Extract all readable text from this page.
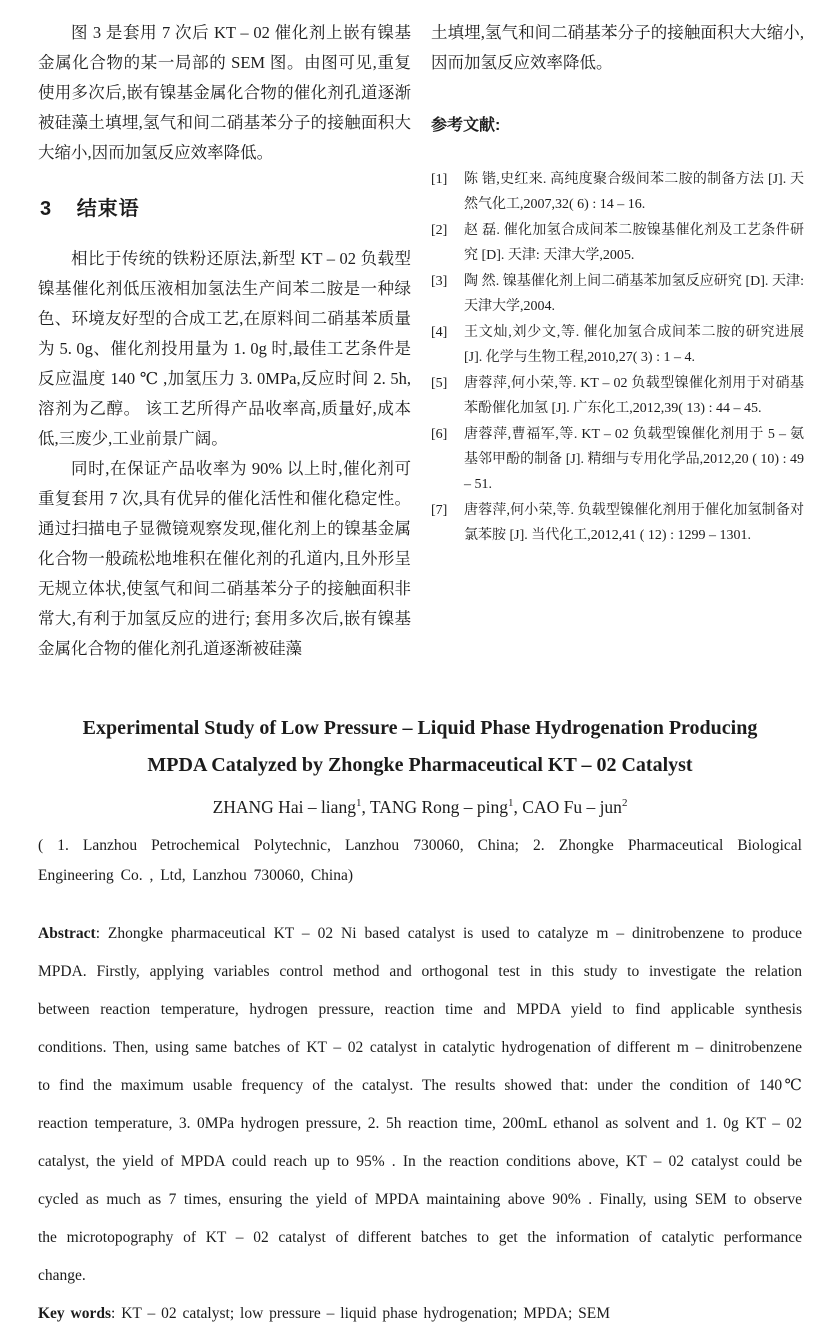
图 3 是套用 7 次后 KT – 02 催化剂上嵌有镍基金属化合物的某一局部的 SEM 图。由图可见,重复使用多次后,嵌有镍基金属化合物的催化剂孔道逐渐被硅藻土填埋,氢气和间二硝基苯分子的接触面积大大缩小,因而加氢反应效率降低。

3 结束语

相比于传统的铁粉还原法,新型 KT – 02 负载型镍基催化剂低压液相加氢法生产间苯二胺是一种绿色、环境友好型的合成工艺,在原料间二硝基苯质量为 5. 0g、催化剂投用量为 1. 0g 时,最佳工艺条件是反应温度 140 ℃ ,加氢压力 3. 0MPa,反应时间 2. 5h,溶剂为乙醇。 该工艺所得产品收率高,质量好,成本低,三废少,工业前景广阔。

同时,在保证产品收率为 90% 以上时,催化剂可重复套用 7 次,具有优异的催化活性和催化稳定性。 通过扫描电子显微镜观察发现,催化剂上的镍基金属化合物一般疏松地堆积在催化剂的孔道内,且外形呈无规立体状,使氢气和间二硝基苯分子的接触面积非常大,有利于加氢反应的进行; 套用多次后,嵌有镍基金属化合物的催化剂孔道逐渐被硅藻

土填埋,氢气和间二硝基苯分子的接触面积大大缩小,因而加氢反应效率降低。

参考文献:
[1]	陈 锴,史红来. 高纯度聚合级间苯二胺的制备方法 [J]. 天然气化工,2007,32( 6) : 14 – 16.
[2]	赵 磊. 催化加氢合成间苯二胺镍基催化剂及工艺条件研究 [D]. 天津: 天津大学,2005.
[3]	陶 然. 镍基催化剂上间二硝基苯加氢反应研究 [D]. 天津: 天津大学,2004.
[4]	王文灿,刘少文,等. 催化加氢合成间苯二胺的研究进展 [J]. 化学与生物工程,2010,27( 3) : 1 – 4.
[5]	唐蓉萍,何小荣,等. KT – 02 负载型镍催化剂用于对硝基苯酚催化加氢 [J]. 广东化工,2012,39( 13) : 44 – 45.
[6]	唐蓉萍,曹福军,等. KT – 02 负载型镍催化剂用于 5 – 氨基邻甲酚的制备 [J]. 精细与专用化学品,2012,20 ( 10) : 49 – 51.
[7]	唐蓉萍,何小荣,等. 负载型镍催化剂用于催化加氢制备对氯苯胺 [J]. 当代化工,2012,41 ( 12) : 1299 – 1301.
Experimental Study of Low Pressure – Liquid Phase Hydrogenation Producing
MPDA Catalyzed by Zhongke Pharmaceutical KT – 02 Catalyst
ZHANG Hai – liang$^1$, TANG Rong – ping$^1$, CAO Fu – jun$^2$

( 1. Lanzhou Petrochemical Polytechnic, Lanzhou 730060, China; 2. Zhongke Pharmaceutical Biological Engineering Co. , Ltd, Lanzhou 730060, China)

Abstract: Zhongke pharmaceutical KT – 02 Ni based catalyst is used to catalyze m – dinitrobenzene to produce MPDA. Firstly, applying variables control method and orthogonal test in this study to investigate the relation between reaction temperature, hydrogen pressure, reaction time and MPDA yield to find applicable synthesis conditions. Then, using same batches of KT – 02 catalyst in catalytic hydrogenation of different m – dinitrobenzene to find the maximum usable frequency of the catalyst. The results showed that: under the condition of 140℃ reaction temperature, 3. 0MPa hydrogen pressure, 2. 5h reaction time, 200mL ethanol as solvent and 1. 0g KT – 02 catalyst, the yield of MPDA could reach up to 95% . In the reaction conditions above, KT – 02 catalyst could be cycled as much as 7 times, ensuring the yield of MPDA maintaining above 90% . Finally, using SEM to observe the microtopography of KT – 02 catalyst of different batches to get the information of catalytic performance change.

Key words: KT – 02 catalyst; low pressure – liquid phase hydrogenation; MPDA; SEM
